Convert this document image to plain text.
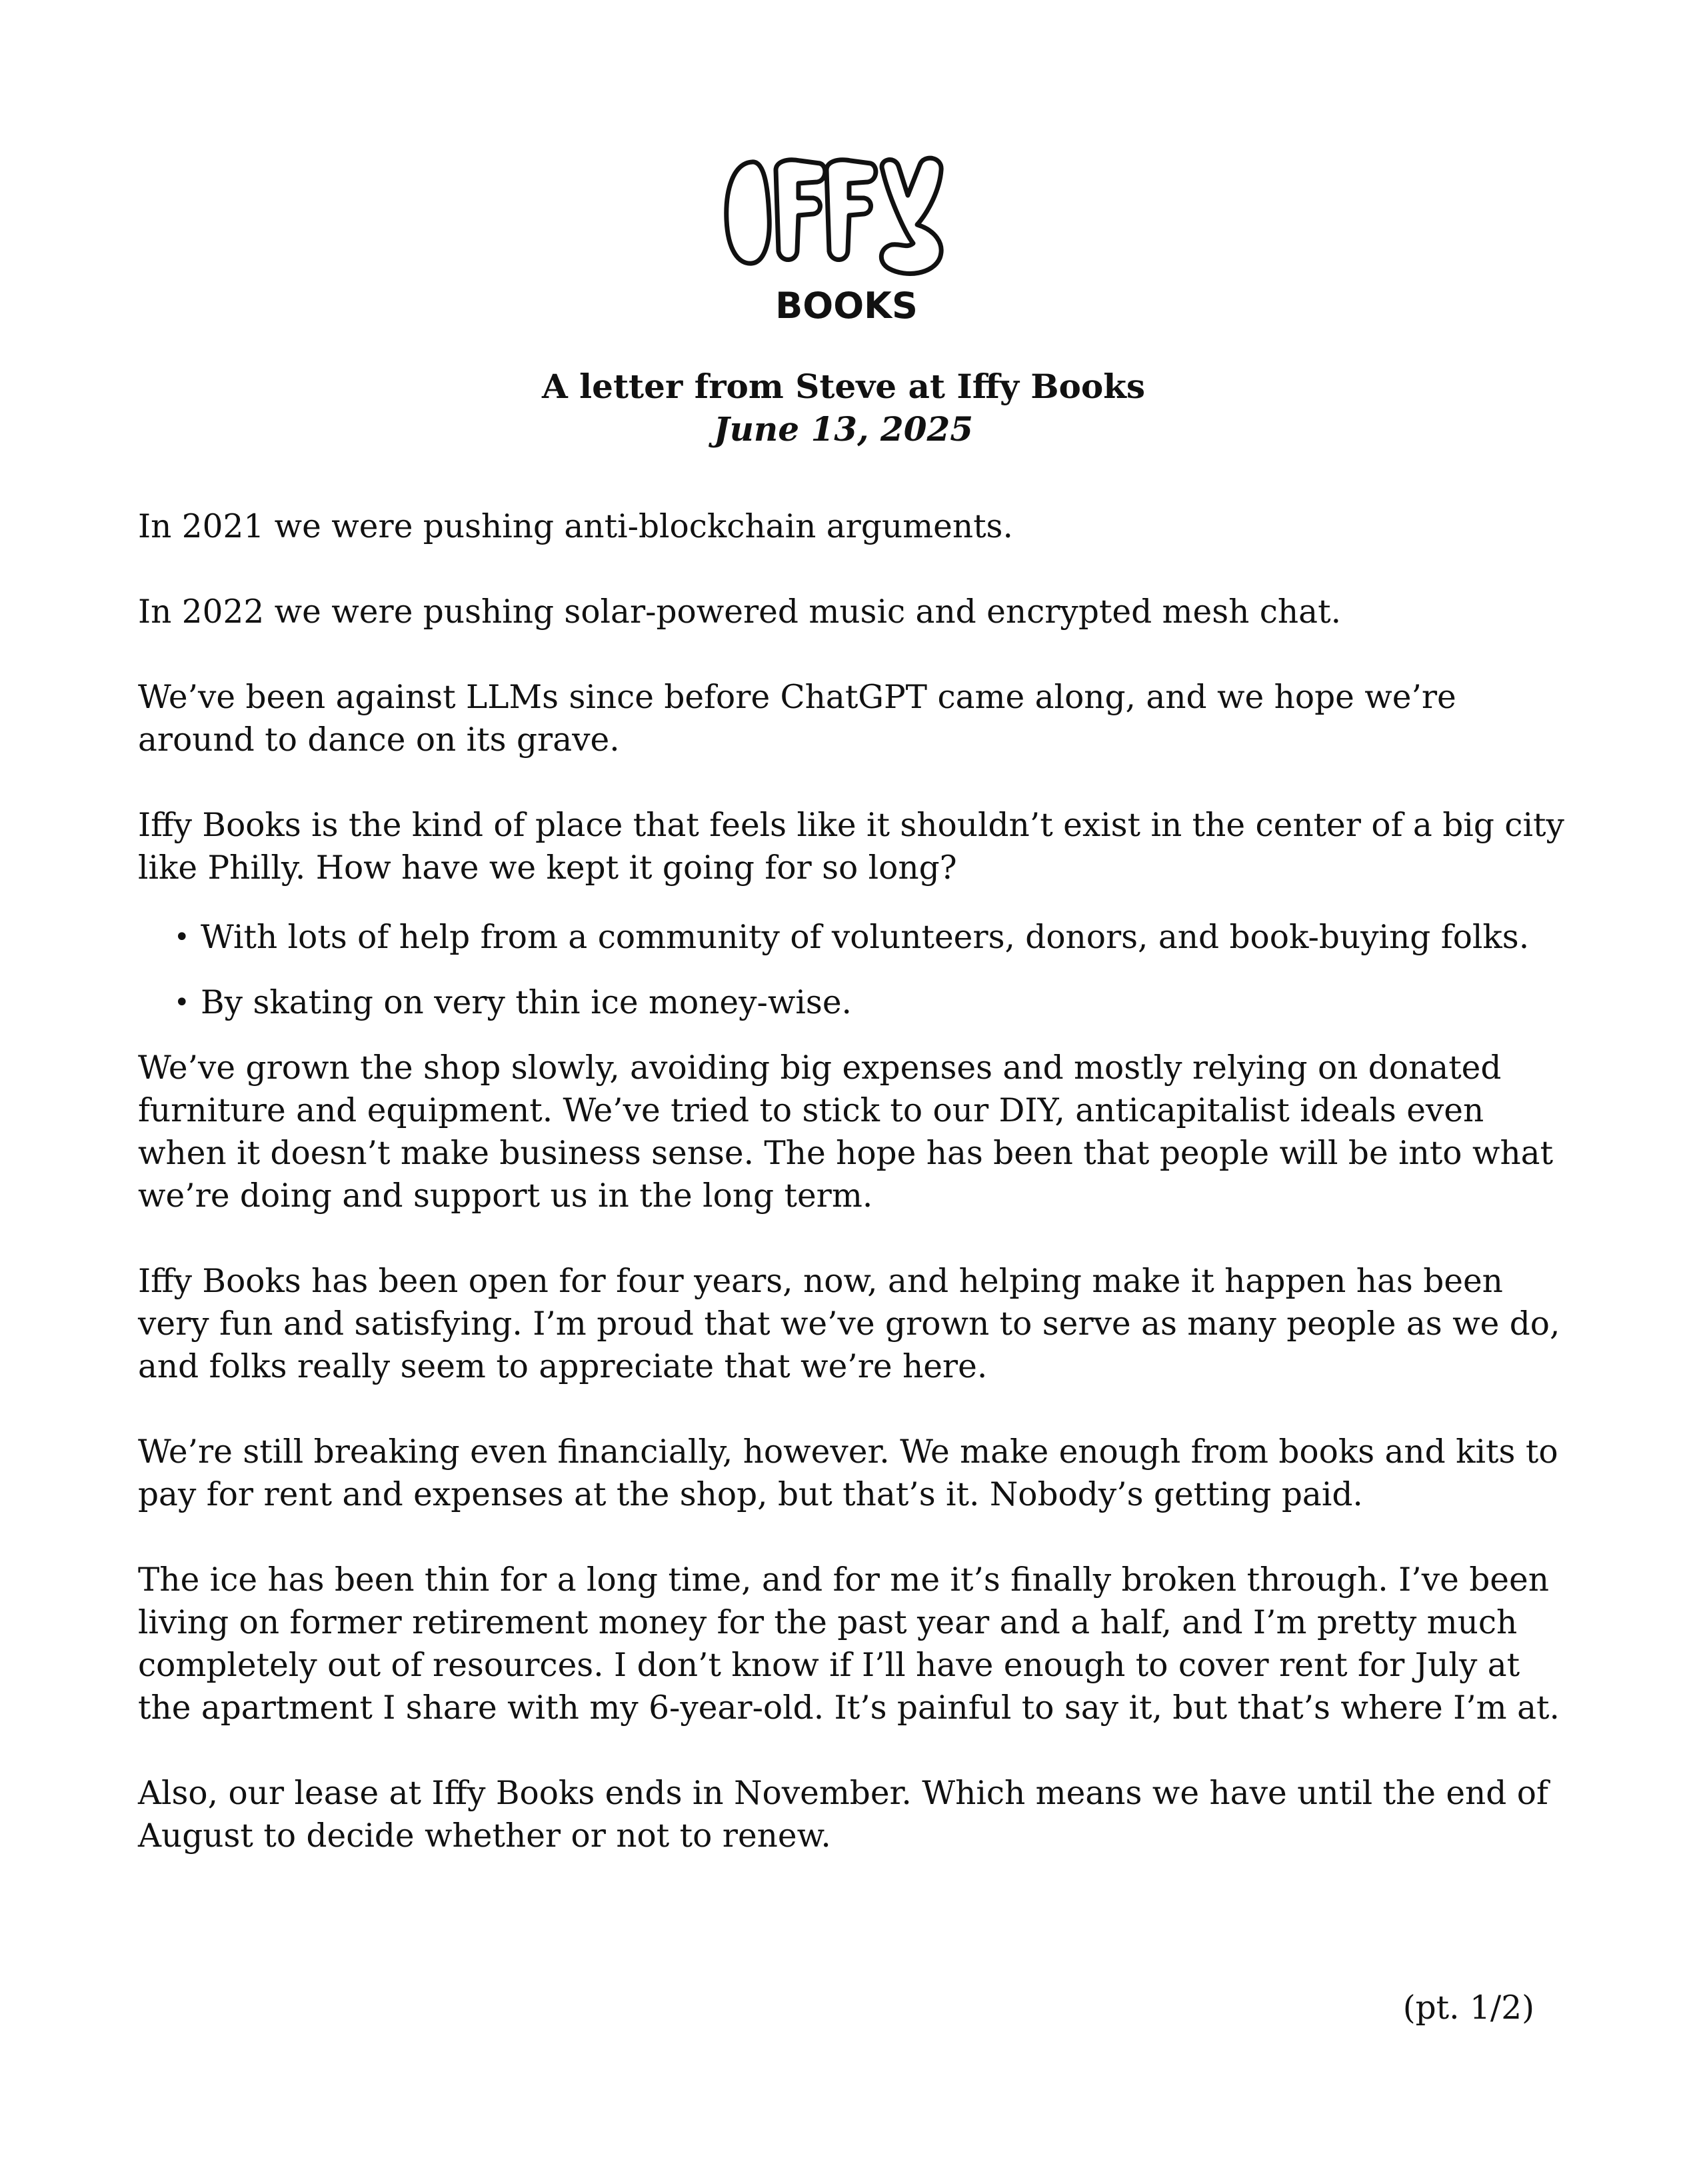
BOOKS
A letter from Steve at Iffy Books
June 13, 2025

In 2021 we were pushing anti-blockchain arguments.

In 2022 we were pushing solar-powered music and encrypted mesh chat.

We’ve been against LLMs since before ChatGPT came along, and we hope we’re around to dance on its grave.

Iffy Books is the kind of place that feels like it shouldn’t exist in the center of a big city like Philly. How have we kept it going for so long?

• With lots of help from a community of volunteers, donors, and book-buying folks.
• By skating on very thin ice money-wise.

We’ve grown the shop slowly, avoiding big expenses and mostly relying on donated furniture and equipment. We’ve tried to stick to our DIY, anticapitalist ideals even when it doesn’t make business sense. The hope has been that people will be into what we’re doing and support us in the long term.

Iffy Books has been open for four years, now, and helping make it happen has been very fun and satisfying. I’m proud that we’ve grown to serve as many people as we do, and folks really seem to appreciate that we’re here.

We’re still breaking even financially, however. We make enough from books and kits to pay for rent and expenses at the shop, but that’s it. Nobody’s getting paid.

The ice has been thin for a long time, and for me it’s finally broken through. I’ve been living on former retirement money for the past year and a half, and I’m pretty much completely out of resources. I don’t know if I’ll have enough to cover rent for July at the apartment I share with my 6-year-old. It’s painful to say it, but that’s where I’m at.

Also, our lease at Iffy Books ends in November. Which means we have until the end of August to decide whether or not to renew.

(pt. 1/2)
